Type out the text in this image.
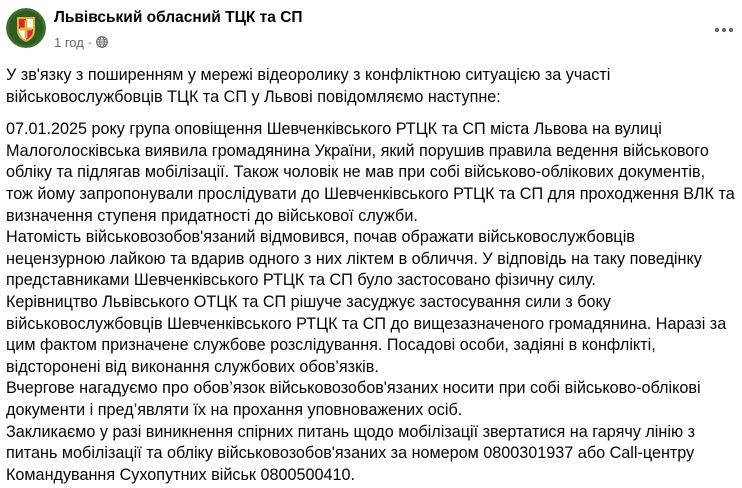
Львівський обласний ТЦК та СП
1 год ·

У зв'язку з поширенням у мережі відеоролику з конфліктною ситуацією за участі

військовослужбовців ТЦК та СП у Львові повідомляємо наступне:

07.01.2025 року група оповіщення Шевченківського РТЦК та СП міста Львова на вулиці

Малоголосківська виявила громадянина України, який порушив правила ведення військового

обліку та підлягав мобілізації. Також чоловік не мав при собі військово-облікових документів,

тож йому запропонували прослідувати до Шевченківського РТЦК та СП для проходження ВЛК та

визначення ступеня придатності до військової служби.

Натомість військовозобов'язаний відмовився, почав ображати військовослужбовців

нецензурною лайкою та вдарив одного з них ліктем в обличчя. У відповідь на таку поведінку

представниками Шевченківського РТЦК та СП було застосовано фізичну силу.

Керівництво Львівського ОТЦК та СП рішуче засуджує застосування сили з боку

військовослужбовців Шевченківського РТЦК та СП до вищезазначеного громадянина. Наразі за

цим фактом призначене службове розслідування. Посадові особи, задіяні в конфлікті,

відсторонені від виконання службових обов’язків.

Вчергове нагадуємо про обов’язок військовозобов'язаних носити при собі військово-облікові

документи і пред’являти їх на прохання уповноважених осіб.

Закликаємо у разі виникнення спірних питань щодо мобілізації звертатися на гарячу лінію з

питань мобілізації та обліку військовозобов'язаних за номером 0800301937 або Call-центру

Командування Сухопутних військ 0800500410.
